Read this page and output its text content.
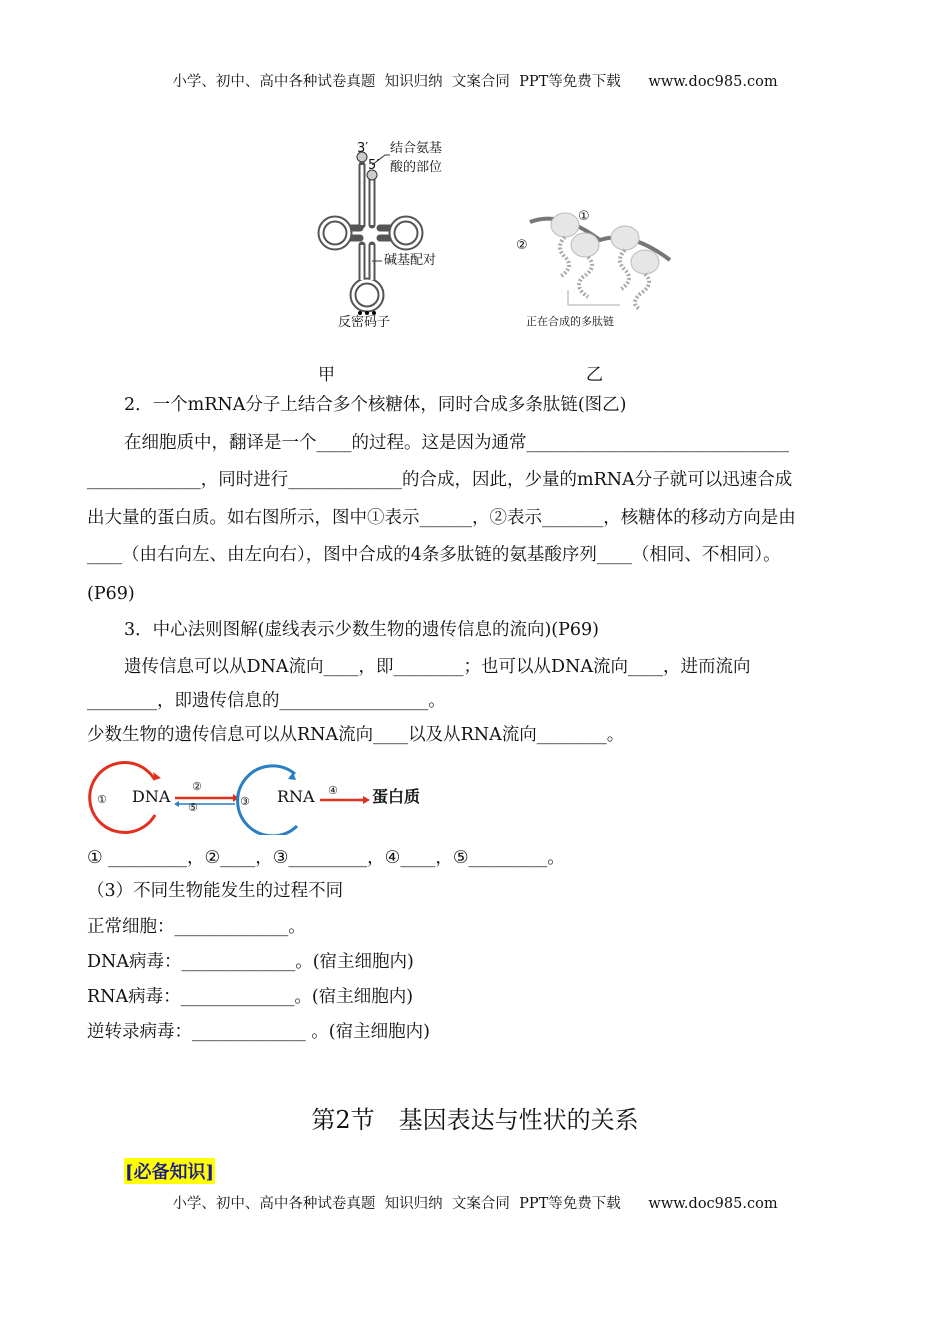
小学、初中、高中各种试卷真题  知识归纳  文案合同  PPT等免费下载 www.doc985.com
3′
5′
结合氨基
酸的部位
碱基配对
反密码子
①
②
正在合成的多肽链
甲	乙
2．一个mRNA分子上结合多个核糖体，同时合成多条肽链(图乙)
在细胞质中，翻译是一个____的过程。这是因为通常______________________________
_____________，同时进行_____________的合成，因此，少量的mRNA分子就可以迅速合成
出大量的蛋白质。如右图所示，图中①表示______，②表示_______，核糖体的移动方向是由
____（由右向左、由左向右），图中合成的4条多肽链的氨基酸序列____（相同、不相同）。
(P69)
3．中心法则图解(虚线表示少数生物的遗传信息的流向)(P69)
遗传信息可以从DNA流向____，即________；也可以从DNA流向____，进而流向
________，即遗传信息的_________________。
少数生物的遗传信息可以从RNA流向____以及从RNA流向________。
DNA	RNA	蛋白质
①
②
③
④
⑤
① _________，②____，③_________，④____，⑤_________。
（3）不同生物能发生的过程不同
正常细胞：_____________。
DNA病毒：_____________。(宿主细胞内)
RNA病毒：_____________。(宿主细胞内)
逆转录病毒：_____________ 。(宿主细胞内)
第2节　基因表达与性状的关系
[必备知识]
小学、初中、高中各种试卷真题  知识归纳  文案合同  PPT等免费下载 www.doc985.com
